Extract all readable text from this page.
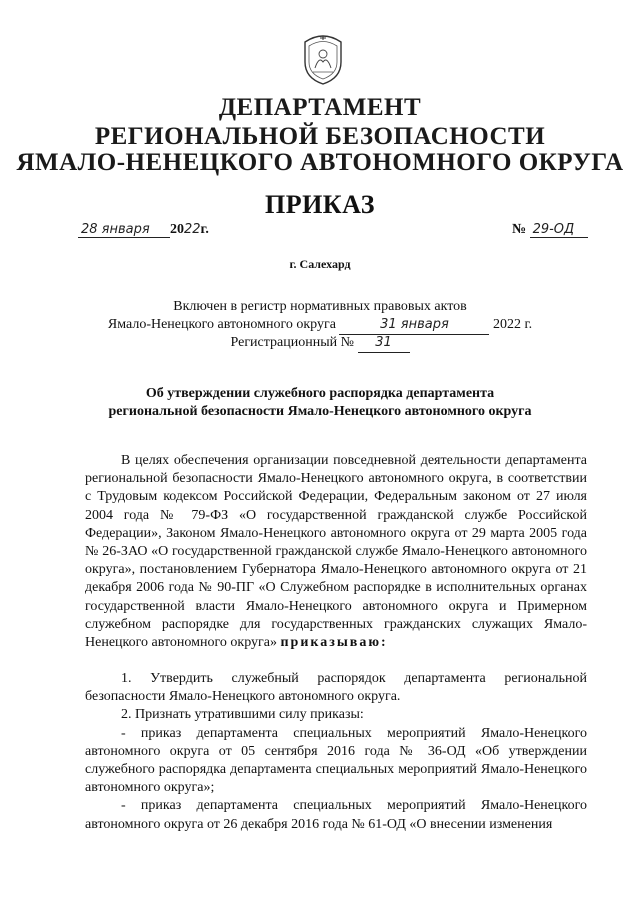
ДЕПАРТАМЕНТ
РЕГИОНАЛЬНОЙ БЕЗОПАСНОСТИ
ЯМАЛО-НЕНЕЦКОГО АВТОНОМНОГО ОКРУГА
ПРИКАЗ
28 января 2022г.	№ 29-ОД
г. Салехард
Включен в регистр нормативных правовых актов
Ямало-Ненецкого автономного округа	31 января	2022 г.
Регистрационный № 31
Об утверждении служебного распорядка департамента
региональной безопасности Ямало-Ненецкого автономного округа

В целях обеспечения организации повседневной деятельности департамента региональной безопасности Ямало-Ненецкого автономного округа, в соответствии с Трудовым кодексом Российской Федерации, Федеральным законом от 27 июля 2004 года № 79-ФЗ «О государственной гражданской службе Российской Федерации», Законом Ямало-Ненецкого автономного округа от 29 марта 2005 года № 26-ЗАО «О государственной гражданской службе Ямало-Ненецкого автономного округа», постановлением Губернатора Ямало-Ненецкого автономного округа от 21 декабря 2006 года № 90-ПГ «О Служебном распорядке в исполнительных органах государственной власти Ямало-Ненецкого автономного округа и Примерном служебном распорядке для государственных гражданских служащих Ямало-Ненецкого автономного округа» приказываю:

1. Утвердить служебный распорядок департамента региональной безопасности Ямало-Ненецкого автономного округа.

2. Признать утратившими силу приказы:

- приказ департамента специальных мероприятий Ямало-Ненецкого автономного округа от 05 сентября 2016 года № 36-ОД «Об утверждении служебного распорядка департамента специальных мероприятий Ямало-Ненецкого автономного округа»;

- приказ департамента специальных мероприятий Ямало-Ненецкого автономного округа от 26 декабря 2016 года № 61-ОД «О внесении изменения
